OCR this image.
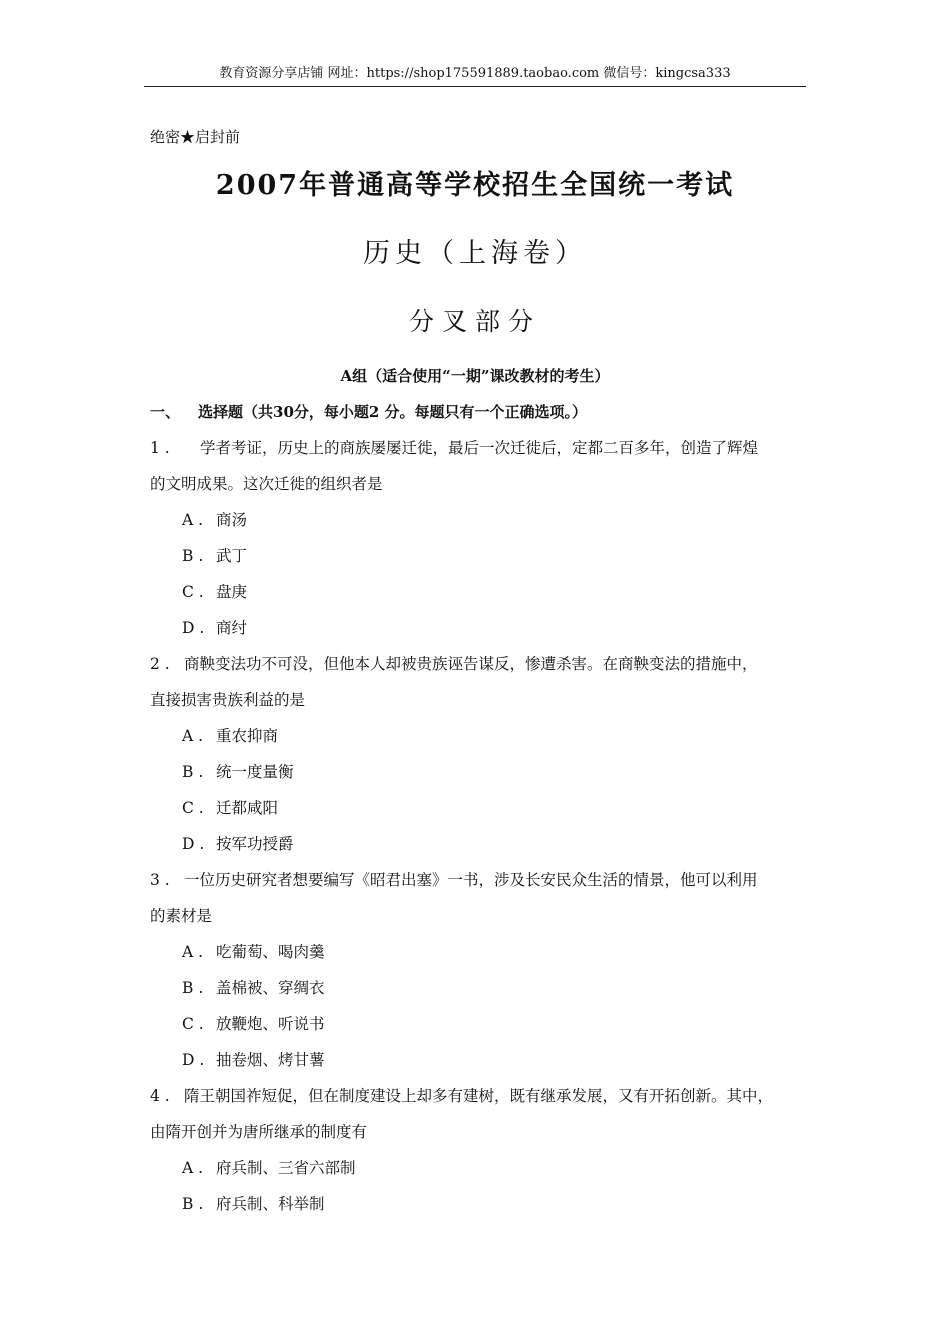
教育资源分享店铺 网址：https://shop175591889.taobao.com 微信号：kingcsa333
绝密★启封前
2007年普通高等学校招生全国统一考试
历史（上海卷）
分叉部分
A组（适合使用“一期”课改教材的考生）
一、 选择题（共30分，每小题2 分。每题只有一个正确选项。）
1 . 学者考证，历史上的商族屡屡迁徙，最后一次迁徙后，定都二百多年，创造了辉煌
的文明成果。这次迁徙的组织者是
A . 商汤
B . 武丁
C . 盘庚
D . 商纣
2 . 商鞅变法功不可没，但他本人却被贵族诬告谋反，惨遭杀害。在商鞅变法的措施中，
直接损害贵族利益的是
A . 重农抑商
B . 统一度量衡
C . 迁都咸阳
D . 按军功授爵
3 . 一位历史研究者想要编写《昭君出塞》一书，涉及长安民众生活的情景，他可以利用
的素材是
A . 吃葡萄、喝肉羹
B . 盖棉被、穿绸衣
C . 放鞭炮、听说书
D . 抽卷烟、烤甘薯
4 . 隋王朝国祚短促，但在制度建设上却多有建树，既有继承发展，又有开拓创新。其中，
由隋开创并为唐所继承的制度有
A . 府兵制、三省六部制
B . 府兵制、科举制
